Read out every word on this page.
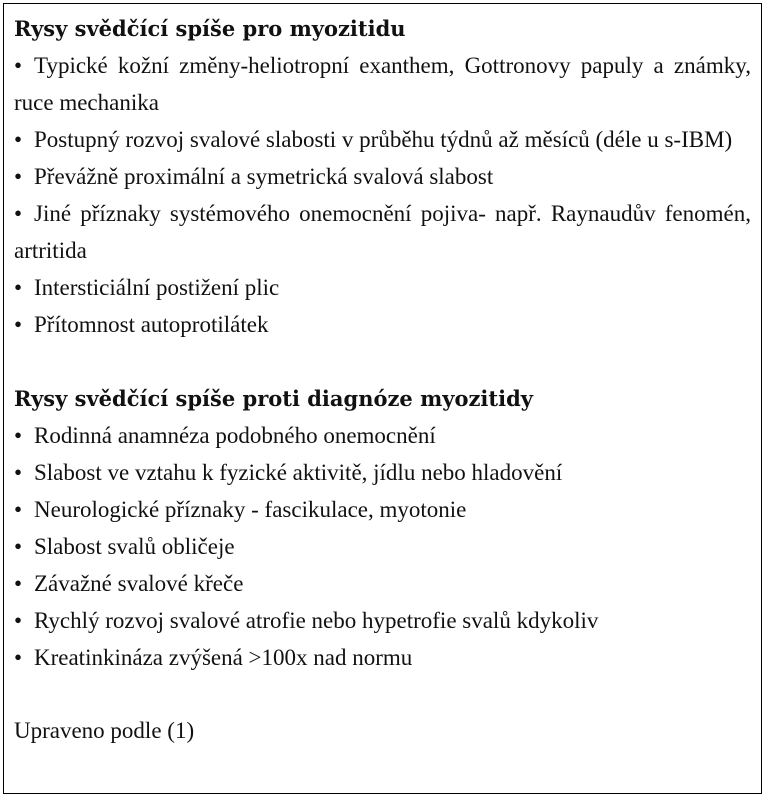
Rysy svědčící spíše pro myozitidu
• Typické kožní změny-heliotropní exanthem, Gottronovy papuly a známky, ruce mechanika
• Postupný rozvoj svalové slabosti v průběhu týdnů až měsíců (déle u s-IBM)
• Převážně proximální a symetrická svalová slabost
• Jiné příznaky systémového onemocnění pojiva- např. Raynaudův fenomén, artritida
• Intersticiální postižení plic
• Přítomnost autoprotilátek
Rysy svědčící spíše proti diagnóze myozitidy
• Rodinná anamnéza podobného onemocnění
• Slabost ve vztahu k fyzické aktivitě, jídlu nebo hladovění
• Neurologické příznaky - fascikulace, myotonie
• Slabost svalů obličeje
• Závažné svalové křeče
• Rychlý rozvoj svalové atrofie nebo hypetrofie svalů kdykoliv
• Kreatinkináza zvýšená >100x nad normu
Upraveno podle (1)
